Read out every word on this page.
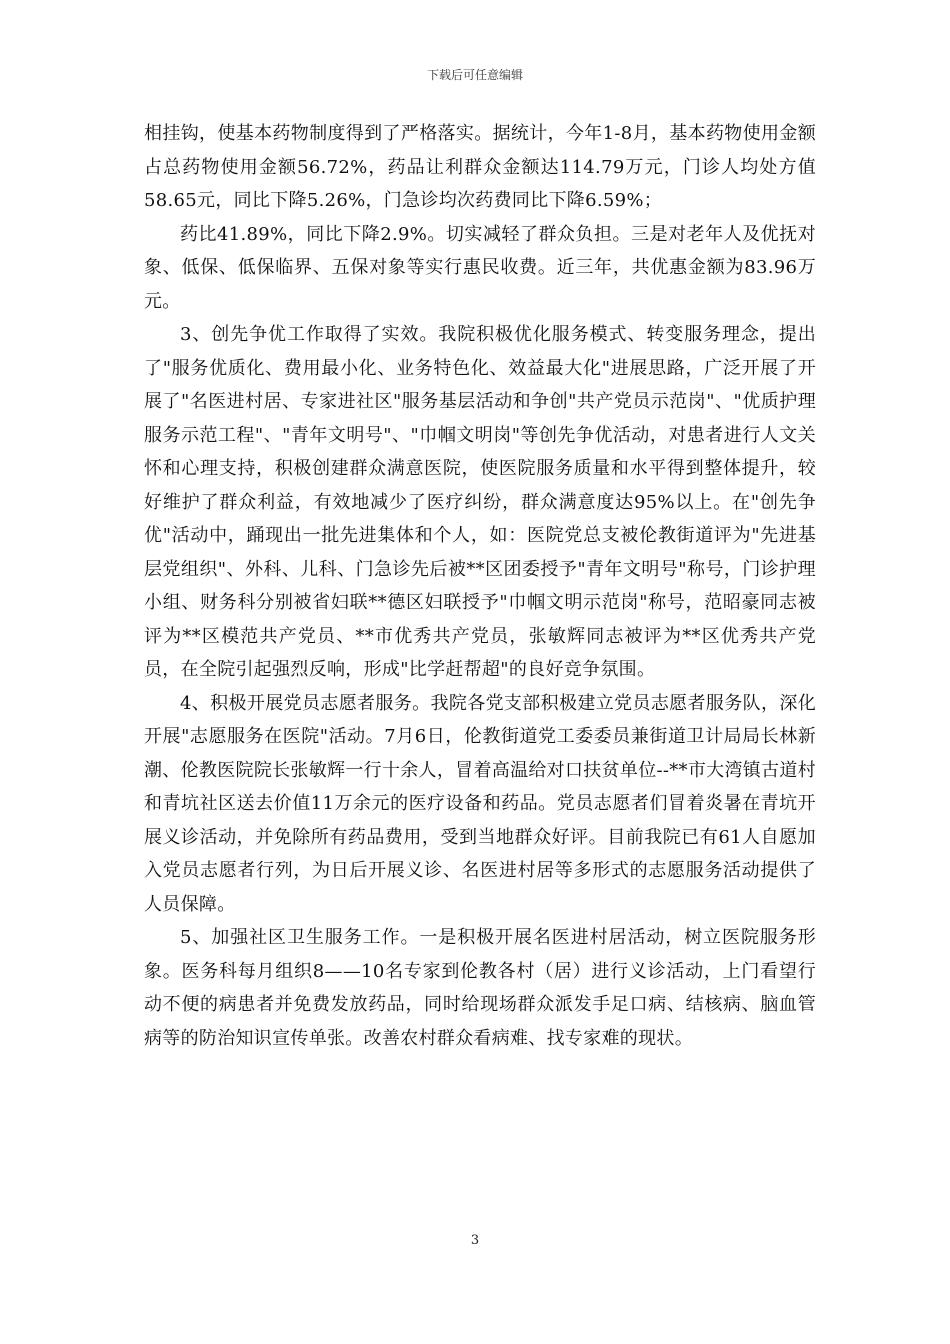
下载后可任意编辑

相挂钩，使基本药物制度得到了严格落实。据统计，今年1-8月，基本药物使用金额占总药物使用金额56.72%，药品让利群众金额达114.79万元，门诊人均处方值58.65元，同比下降5.26%，门急诊均次药费同比下降6.59%；

药比41.89%，同比下降2.9%。切实减轻了群众负担。三是对老年人及优抚对象、低保、低保临界、五保对象等实行惠民收费。近三年，共优惠金额为83.96万元。

3、创先争优工作取得了实效。我院积极优化服务模式、转变服务理念，提出了"服务优质化、费用最小化、业务特色化、效益最大化"进展思路，广泛开展了开展了"名医进村居、专家进社区"服务基层活动和争创"共产党员示范岗"、"优质护理服务示范工程"、"青年文明号"、"巾帼文明岗"等创先争优活动，对患者进行人文关怀和心理支持，积极创建群众满意医院，使医院服务质量和水平得到整体提升，较好维护了群众利益，有效地减少了医疗纠纷，群众满意度达95%以上。在"创先争优"活动中，踊现出一批先进集体和个人，如：医院党总支被伦教街道评为"先进基层党组织"、外科、儿科、门急诊先后被**区团委授予"青年文明号"称号，门诊护理小组、财务科分别被省妇联**德区妇联授予"巾帼文明示范岗"称号，范昭豪同志被评为**区模范共产党员、**市优秀共产党员，张敏辉同志被评为**区优秀共产党员，在全院引起强烈反响，形成"比学赶帮超"的良好竞争氛围。

4、积极开展党员志愿者服务。我院各党支部积极建立党员志愿者服务队，深化开展"志愿服务在医院"活动。7月6日，伦教街道党工委委员兼街道卫计局局长林新潮、伦教医院院长张敏辉一行十余人，冒着高温给对口扶贫单位--**市大湾镇古道村和青坑社区送去价值11万余元的医疗设备和药品。党员志愿者们冒着炎暑在青坑开展义诊活动，并免除所有药品费用，受到当地群众好评。目前我院已有61人自愿加入党员志愿者行列，为日后开展义诊、名医进村居等多形式的志愿服务活动提供了人员保障。

5、加强社区卫生服务工作。一是积极开展名医进村居活动，树立医院服务形象。医务科每月组织8——10名专家到伦教各村（居）进行义诊活动，上门看望行动不便的病患者并免费发放药品，同时给现场群众派发手足口病、结核病、脑血管病等的防治知识宣传单张。改善农村群众看病难、找专家难的现状。

3
